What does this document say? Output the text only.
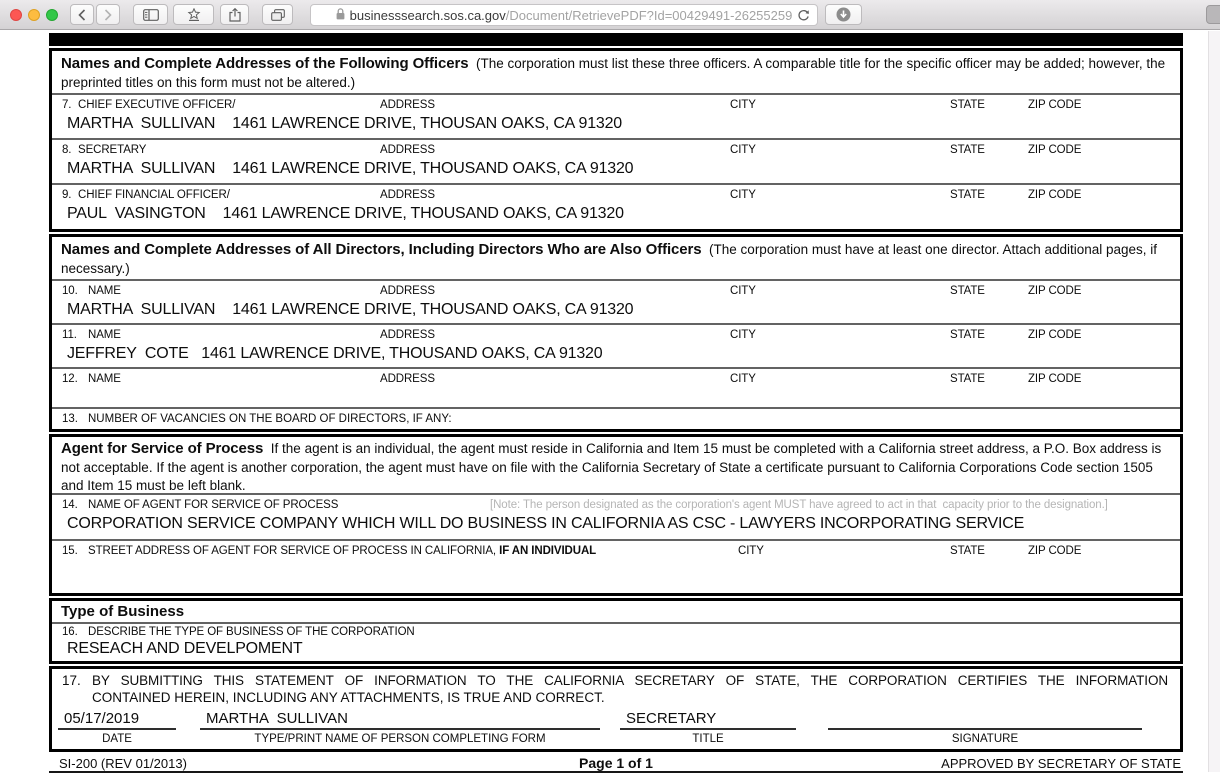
businesssearch.sos.ca.gov /Document/RetrievePDF?Id=00429491-26255259
Names and Complete Addresses of the Following Officers (The corporation must list these three officers. A comparable title for the specific officer may be added; however, the preprinted titles on this form must not be altered.)
7. CHIEF EXECUTIVE OFFICER/	ADDRESS	CITY	STATE	ZIP CODE
MARTHA  SULLIVAN    1461 LAWRENCE DRIVE, THOUSAN OAKS, CA 91320
8. SECRETARY	ADDRESS	CITY	STATE	ZIP CODE
MARTHA  SULLIVAN    1461 LAWRENCE DRIVE, THOUSAND OAKS, CA 91320
9. CHIEF FINANCIAL OFFICER/	ADDRESS	CITY	STATE	ZIP CODE
PAUL  VASINGTON    1461 LAWRENCE DRIVE, THOUSAND OAKS, CA 91320
Names and Complete Addresses of All Directors, Including Directors Who are Also Officers (The corporation must have at least one director. Attach additional pages, if necessary.)
10. NAME	ADDRESS	CITY	STATE	ZIP CODE
MARTHA  SULLIVAN    1461 LAWRENCE DRIVE, THOUSAND OAKS, CA 91320
11. NAME	ADDRESS	CITY	STATE	ZIP CODE
JEFFREY  COTE   1461 LAWRENCE DRIVE, THOUSAND OAKS, CA 91320
12. NAME	ADDRESS	CITY	STATE	ZIP CODE
13. NUMBER OF VACANCIES ON THE BOARD OF DIRECTORS, IF ANY:
Agent for Service of Process If the agent is an individual, the agent must reside in California and Item 15 must be completed with a California street address, a P.O. Box address is not acceptable. If the agent is another corporation, the agent must have on file with the California Secretary of State a certificate pursuant to California Corporations Code section 1505 and Item 15 must be left blank.
14. NAME OF AGENT FOR SERVICE OF PROCESS	[Note: The person designated as the corporation's agent MUST have agreed to act in that  capacity prior to the designation.]
CORPORATION SERVICE COMPANY WHICH WILL DO BUSINESS IN CALIFORNIA AS CSC - LAWYERS INCORPORATING SERVICE
15. STREET ADDRESS OF AGENT FOR SERVICE OF PROCESS IN CALIFORNIA, IF AN INDIVIDUAL	CITY	STATE	ZIP CODE
Type of Business
16. DESCRIBE THE TYPE OF BUSINESS OF THE CORPORATION
RESEACH AND DEVELPOMENT
17. BY SUBMITTING THIS STATEMENT OF INFORMATION TO THE CALIFORNIA SECRETARY OF STATE, THE CORPORATION CERTIFIES THE INFORMATION
CONTAINED HEREIN, INCLUDING ANY ATTACHMENTS, IS TRUE AND CORRECT.
05/17/2019
DATE
MARTHA  SULLIVAN
TYPE/PRINT NAME OF PERSON COMPLETING FORM
SECRETARY
TITLE	SIGNATURE
SI-200 (REV 01/2013)	Page 1 of 1	APPROVED BY SECRETARY OF STATE
